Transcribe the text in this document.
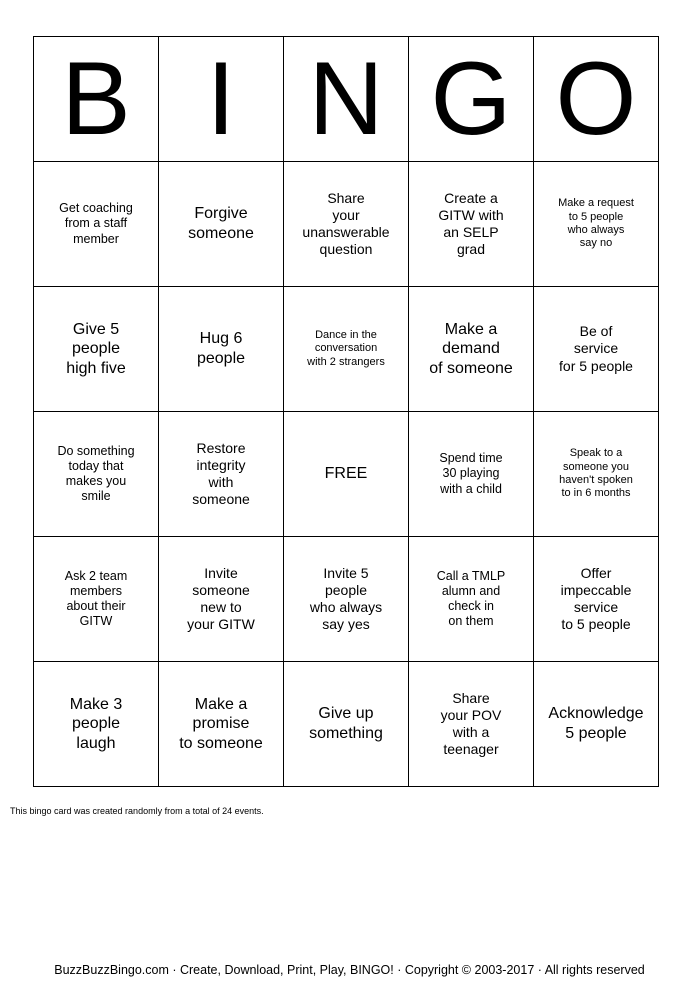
B	I	N	G	O
Get coaching
from a staff
member	Forgive
someone	Share
your
unanswerable
question	Create a
GITW with
an SELP
grad	Make a request
to 5 people
who always
say no
Give 5
people
high five	Hug 6
people	Dance in the
conversation
with 2 strangers	Make a
demand
of someone	Be of
service
for 5 people
Do something
today that
makes you
smile	Restore
integrity
with
someone	FREE	Spend time
30 playing
with a child	Speak to a
someone you
haven't spoken
to in 6 months
Ask 2 team
members
about their
GITW	Invite
someone
new to
your GITW	Invite 5
people
who always
say yes	Call a TMLP
alumn and
check in
on them	Offer
impeccable
service
to 5 people
Make 3
people
laugh	Make a
promise
to someone	Give up
something	Share
your POV
with a
teenager	Acknowledge
5 people
This bingo card was created randomly from a total of 24 events.
BuzzBuzzBingo.com · Create, Download, Print, Play, BINGO! · Copyright © 2003-2017 · All rights reserved
